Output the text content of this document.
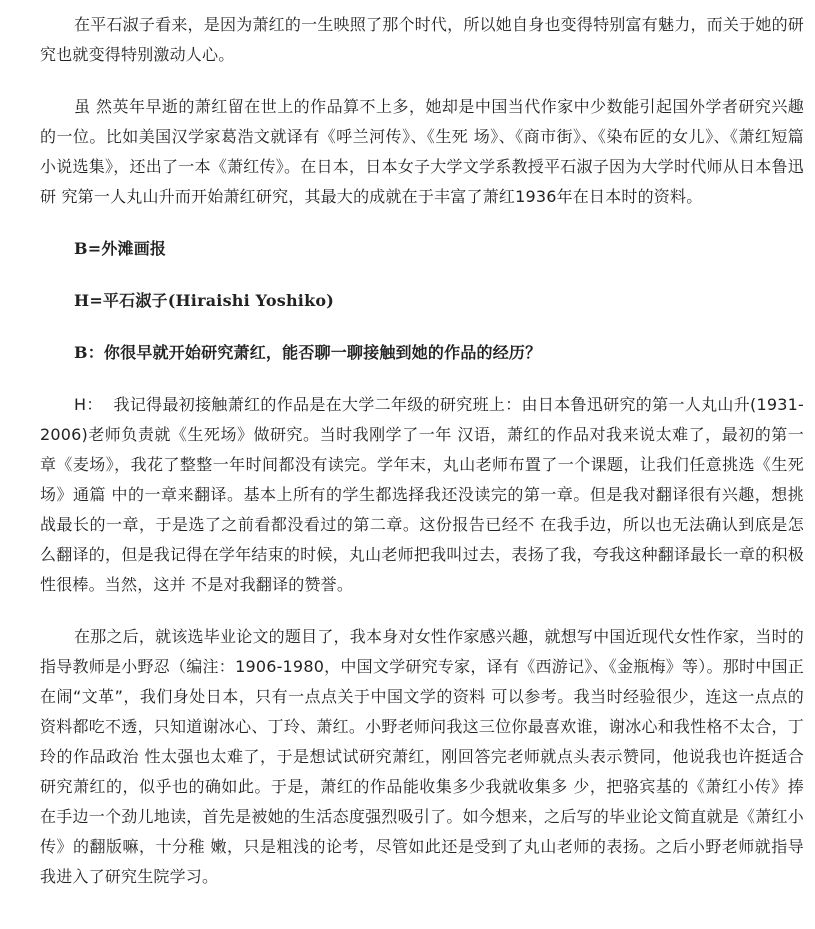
在平石淑子看来，是因为萧红的一生映照了那个时代，所以她自身也变得特别富有魅力，而关于她的研究也就变得特别激动人心。

虽 然英年早逝的萧红留在世上的作品算不上多，她却是中国当代作家中少数能引起国外学者研究兴趣的一位。比如美国汉学家葛浩文就译有《呼兰河传》、《生死 场》、《商市街》、《染布匠的女儿》、《萧红短篇小说选集》，还出了一本《萧红传》。在日本，日本女子大学文学系教授平石淑子因为大学时代师从日本鲁迅研 究第一人丸山升而开始萧红研究，其最大的成就在于丰富了萧红1936年在日本时的资料。

B=外滩画报

H=平石淑子(Hiraishi Yoshiko)

B：你很早就开始研究萧红，能否聊一聊接触到她的作品的经历？

H：  我记得最初接触萧红的作品是在大学二年级的研究班上：由日本鲁迅研究的第一人丸山升(1931-2006)老师负责就《生死场》做研究。当时我刚学了一年 汉语，萧红的作品对我来说太难了，最初的第一章《麦场》，我花了整整一年时间都没有读完。学年末，丸山老师布置了一个课题，让我们任意挑选《生死场》通篇 中的一章来翻译。基本上所有的学生都选择我还没读完的第一章。但是我对翻译很有兴趣，想挑战最长的一章，于是选了之前看都没看过的第二章。这份报告已经不 在我手边，所以也无法确认到底是怎么翻译的，但是我记得在学年结束的时候，丸山老师把我叫过去，表扬了我，夸我这种翻译最长一章的积极性很棒。当然，这并 不是对我翻译的赞誉。

在那之后，就该选毕业论文的题目了，我本身对女性作家感兴趣，就想写中国近现代女性作家，当时的指导教师是小野忍（编注：1906-1980，中国文学研究专家，译有《西游记》、《金瓶梅》等）。那时中国正在闹“文革”，我们身处日本，只有一点点关于中国文学的资料 可以参考。我当时经验很少，连这一点点的资料都吃不透，只知道谢冰心、丁玲、萧红。小野老师问我这三位你最喜欢谁，谢冰心和我性格不太合，丁玲的作品政治 性太强也太难了，于是想试试研究萧红，刚回答完老师就点头表示赞同，他说我也许挺适合研究萧红的，似乎也的确如此。于是，萧红的作品能收集多少我就收集多 少，把骆宾基的《萧红小传》捧在手边一个劲儿地读，首先是被她的生活态度强烈吸引了。如今想来，之后写的毕业论文简直就是《萧红小传》的翻版嘛，十分稚 嫩，只是粗浅的论考，尽管如此还是受到了丸山老师的表扬。之后小野老师就指导我进入了研究生院学习。
